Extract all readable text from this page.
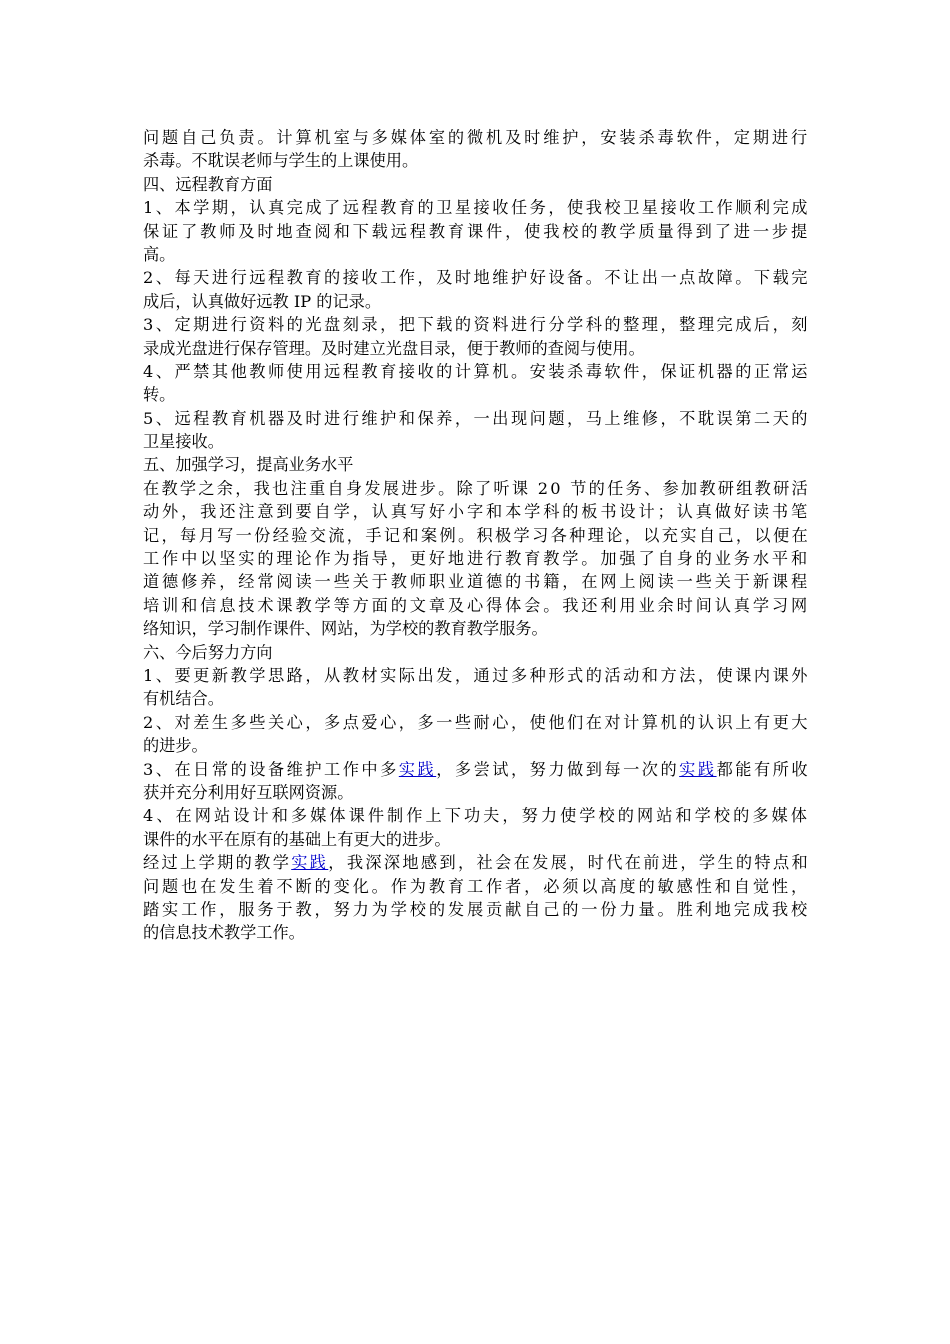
问题自己负责。计算机室与多媒体室的微机及时维护，安装杀毒软件，定期进行
杀毒。不耽误老师与学生的上课使用。
四、远程教育方面
1、本学期，认真完成了远程教育的卫星接收任务，使我校卫星接收工作顺利完成
保证了教师及时地查阅和下载远程教育课件，使我校的教学质量得到了进一步提
高。
2、每天进行远程教育的接收工作，及时地维护好设备。不让出一点故障。下载完
成后，认真做好远教 IP 的记录。
3、定期进行资料的光盘刻录，把下载的资料进行分学科的整理，整理完成后，刻
录成光盘进行保存管理。及时建立光盘目录，便于教师的查阅与使用。
4、严禁其他教师使用远程教育接收的计算机。安装杀毒软件，保证机器的正常运
转。
5、远程教育机器及时进行维护和保养，一出现问题，马上维修，不耽误第二天的
卫星接收。
五、加强学习，提高业务水平
在教学之余，我也注重自身发展进步。除了听课 20 节的任务、参加教研组教研活
动外，我还注意到要自学，认真写好小字和本学科的板书设计；认真做好读书笔
记，每月写一份经验交流，手记和案例。积极学习各种理论，以充实自己，以便在
工作中以坚实的理论作为指导，更好地进行教育教学。加强了自身的业务水平和
道德修养，经常阅读一些关于教师职业道德的书籍，在网上阅读一些关于新课程
培训和信息技术课教学等方面的文章及心得体会。我还利用业余时间认真学习网
络知识，学习制作课件、网站，为学校的教育教学服务。
六、今后努力方向
1、要更新教学思路，从教材实际出发，通过多种形式的活动和方法，使课内课外
有机结合。
2、对差生多些关心，多点爱心，多一些耐心，使他们在对计算机的认识上有更大
的进步。
3、在日常的设备维护工作中多实践，多尝试，努力做到每一次的实践都能有所收
获并充分利用好互联网资源。
4、在网站设计和多媒体课件制作上下功夫，努力使学校的网站和学校的多媒体
课件的水平在原有的基础上有更大的进步。
经过上学期的教学实践，我深深地感到，社会在发展，时代在前进，学生的特点和
问题也在发生着不断的变化。作为教育工作者，必须以高度的敏感性和自觉性，
踏实工作，服务于教，努力为学校的发展贡献自己的一份力量。胜利地完成我校
的信息技术教学工作。
